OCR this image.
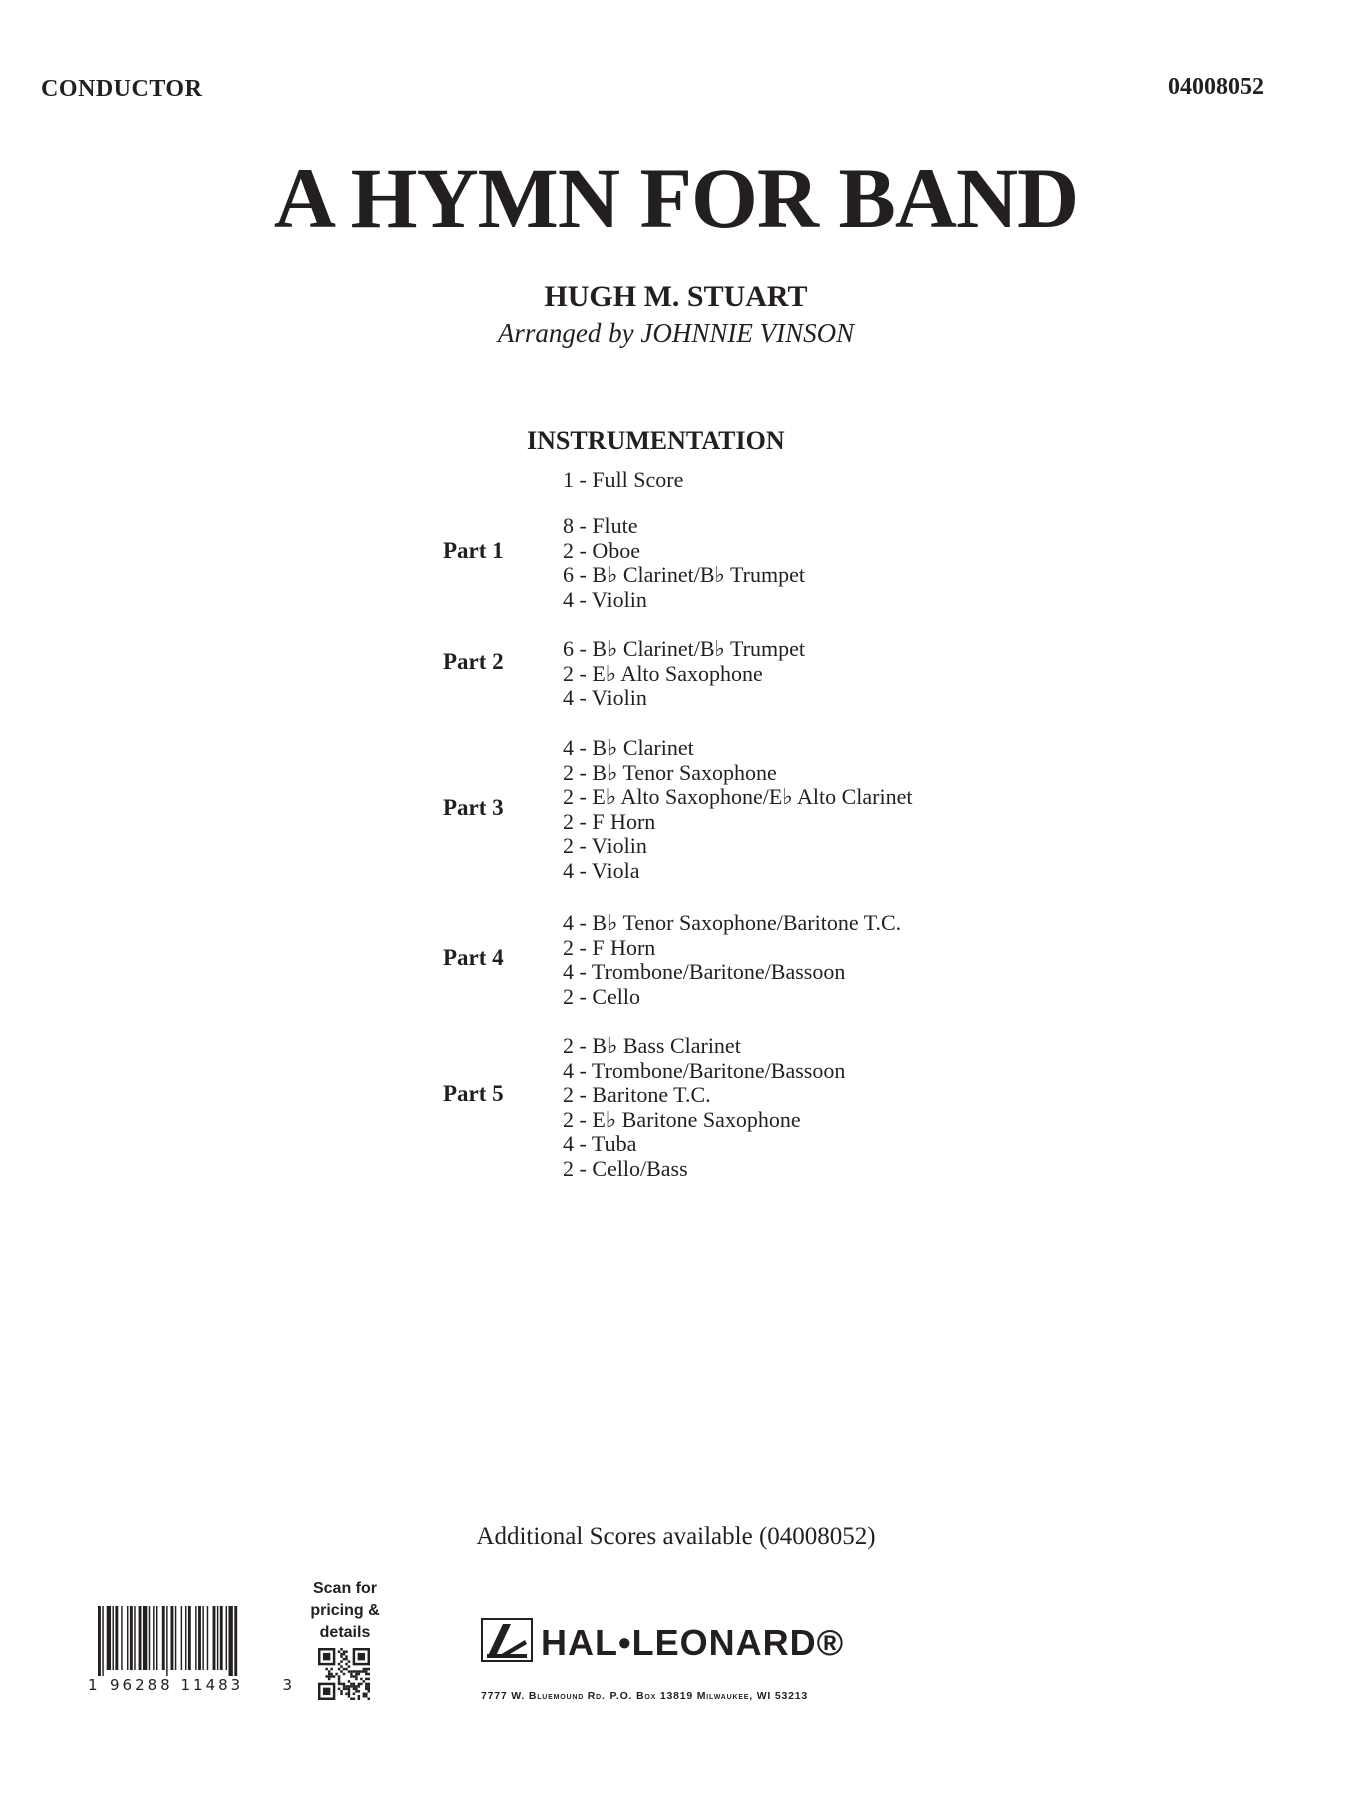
CONDUCTOR	04008052
A HYMN FOR BAND
HUGH M. STUART
Arranged by JOHNNIE VINSON
INSTRUMENTATION
1 - Full Score
Part 1
8 - Flute
2 - Oboe
6 - B♭ Clarinet/B♭ Trumpet
4 - Violin
Part 2
6 - B♭ Clarinet/B♭ Trumpet
2 - E♭ Alto Saxophone
4 - Violin
Part 3
4 - B♭ Clarinet
2 - B♭ Tenor Saxophone
2 - E♭ Alto Saxophone/E♭ Alto Clarinet
2 - F Horn
2 - Violin
4 - Viola
Part 4
4 - B♭ Tenor Saxophone/Baritone T.C.
2 - F Horn
4 - Trombone/Baritone/Bassoon
2 - Cello
Part 5
2 - B♭ Bass Clarinet
4 - Trombone/Baritone/Bassoon
2 - Baritone T.C.
2 - E♭ Baritone Saxophone
4 - Tuba
2 - Cello/Bass
Additional Scores available (04008052)
1 96288 11483	3
Scan for
pricing &
details	HAL•LEONARD®
7777 W. Bluemound Rd. P.O. Box 13819 Milwaukee, WI 53213
